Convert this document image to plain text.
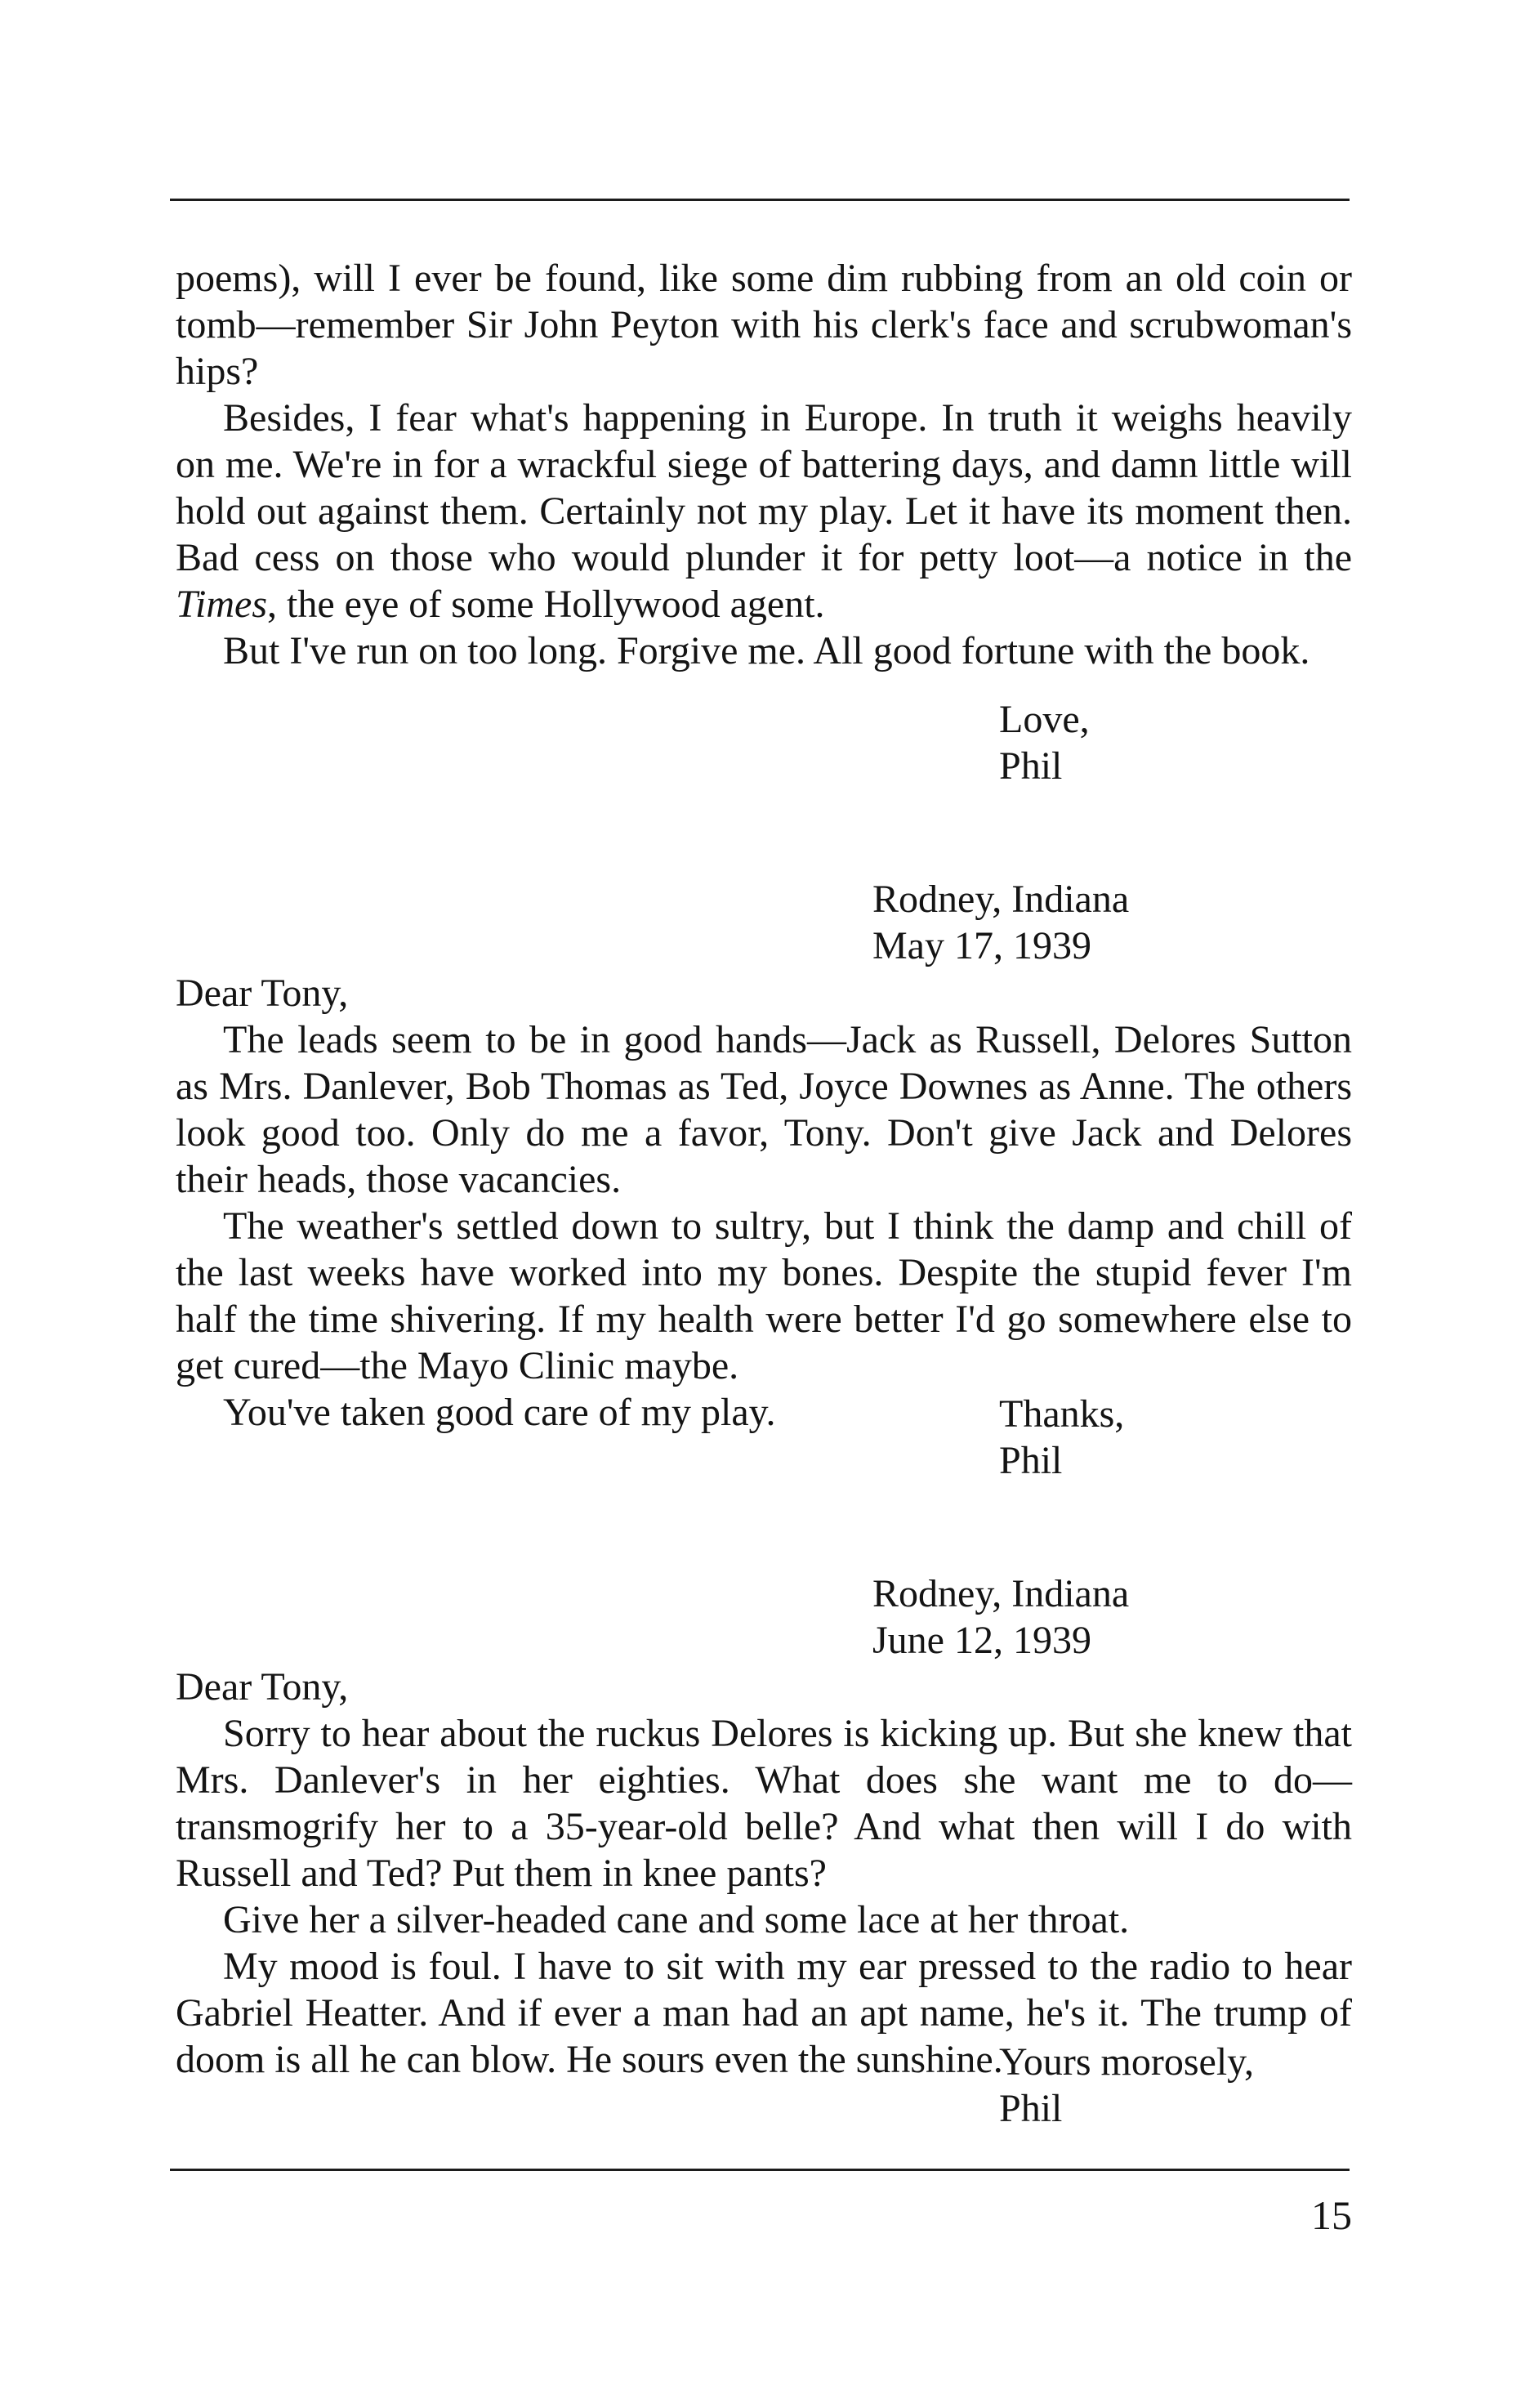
poems), will I ever be found, like some dim rubbing from an old coin or tomb—remember Sir John Peyton with his clerk's face and scrubwoman's hips?

Besides, I fear what's happening in Europe. In truth it weighs heavily on me. We're in for a wrackful siege of battering days, and damn little will hold out against them. Certainly not my play. Let it have its moment then. Bad cess on those who would plunder it for petty loot—a notice in the Times, the eye of some Hollywood agent.

But I've run on too long. Forgive me. All good fortune with the book.

Love,
Phil
Rodney, Indiana
May 17, 1939

Dear Tony,

The leads seem to be in good hands—Jack as Russell, Delores Sutton as Mrs. Danlever, Bob Thomas as Ted, Joyce Downes as Anne. The others look good too. Only do me a favor, Tony. Don't give Jack and Delores their heads, those vacancies.

The weather's settled down to sultry, but I think the damp and chill of the last weeks have worked into my bones. Despite the stupid fever I'm half the time shivering. If my health were better I'd go somewhere else to get cured—the Mayo Clinic maybe.

You've taken good care of my play.	Thanks,
Phil
Rodney, Indiana
June 12, 1939

Dear Tony,

Sorry to hear about the ruckus Delores is kicking up. But she knew that Mrs. Danlever's in her eighties. What does she want me to do—transmogrify her to a 35-year-old belle? And what then will I do with Russell and Ted? Put them in knee pants?

Give her a silver-headed cane and some lace at her throat.

My mood is foul. I have to sit with my ear pressed to the radio to hear Gabriel Heatter. And if ever a man had an apt name, he's it. The trump of doom is all he can blow. He sours even the sunshine.

Yours morosely,
Phil
15
